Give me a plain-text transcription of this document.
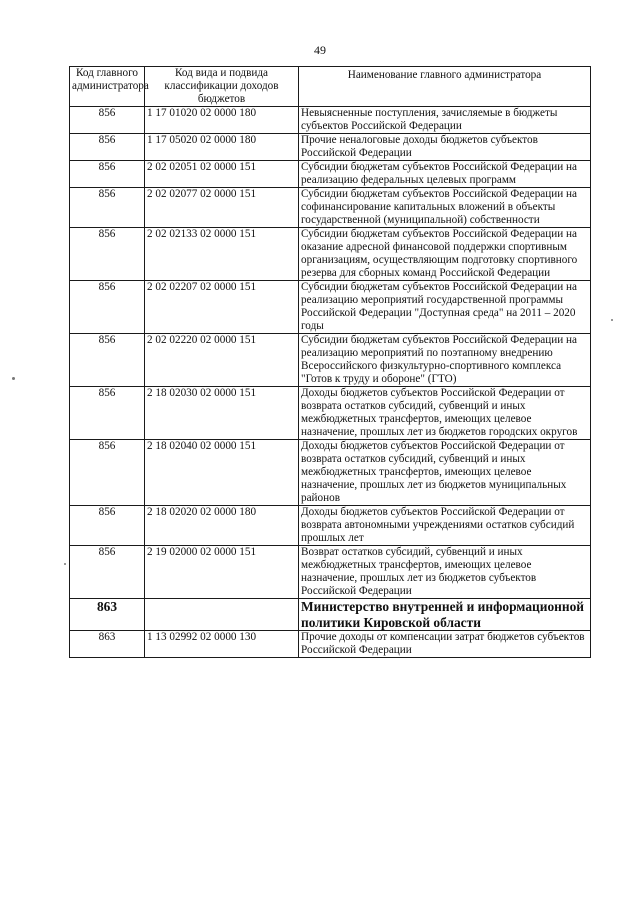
49
Код главного администратора	Код вида и подвида классификации доходов бюджетов	Наименование главного администратора
856	1 17 01020 02 0000 180	Невыясненные поступления, зачисляемые в бюджеты субъектов Российской Федерации
856	1 17 05020 02 0000 180	Прочие неналоговые доходы бюджетов субъектов Российской Федерации
856	2 02 02051 02 0000 151	Субсидии бюджетам субъектов Российской Федерации на реализацию федеральных целевых программ
856	2 02 02077 02 0000 151	Субсидии бюджетам субъектов Российской Федерации на софинансирование капитальных вложений в объекты государственной (муниципальной) собственности
856	2 02 02133 02 0000 151	Субсидии бюджетам субъектов Российской Федерации на оказание адресной финансовой поддержки спортивным организациям, осуществляющим подготовку спортивного резерва для сборных команд Российской Федерации
856	2 02 02207 02 0000 151	Субсидии бюджетам субъектов Российской Федерации на реализацию мероприятий государственной программы Российской Федерации "Доступная среда" на 2011 – 2020 годы
856	2 02 02220 02 0000 151	Субсидии бюджетам субъектов Российской Федерации на реализацию мероприятий по поэтапному внедрению Всероссийского физкультурно-спортивного комплекса "Готов к труду и обороне" (ГТО)
856	2 18 02030 02 0000 151	Доходы бюджетов субъектов Российской Федерации от возврата остатков субсидий, субвенций и иных межбюджетных трансфертов, имеющих целевое назначение, прошлых лет из бюджетов городских округов
856	2 18 02040 02 0000 151	Доходы бюджетов субъектов Российской Федерации от возврата остатков субсидий, субвенций и иных межбюджетных трансфертов, имеющих целевое назначение, прошлых лет из бюджетов муниципальных районов
856	2 18 02020 02 0000 180	Доходы бюджетов субъектов Российской Федерации от возврата автономными учреждениями остатков субсидий прошлых лет
856	2 19 02000 02 0000 151	Возврат остатков субсидий, субвенций и иных межбюджетных трансфертов, имеющих целевое назначение, прошлых лет из бюджетов субъектов Российской Федерации
863		Министерство внутренней и информационной политики Кировской области
863	1 13 02992 02 0000 130	Прочие доходы от компенсации затрат бюджетов субъектов Российской Федерации
